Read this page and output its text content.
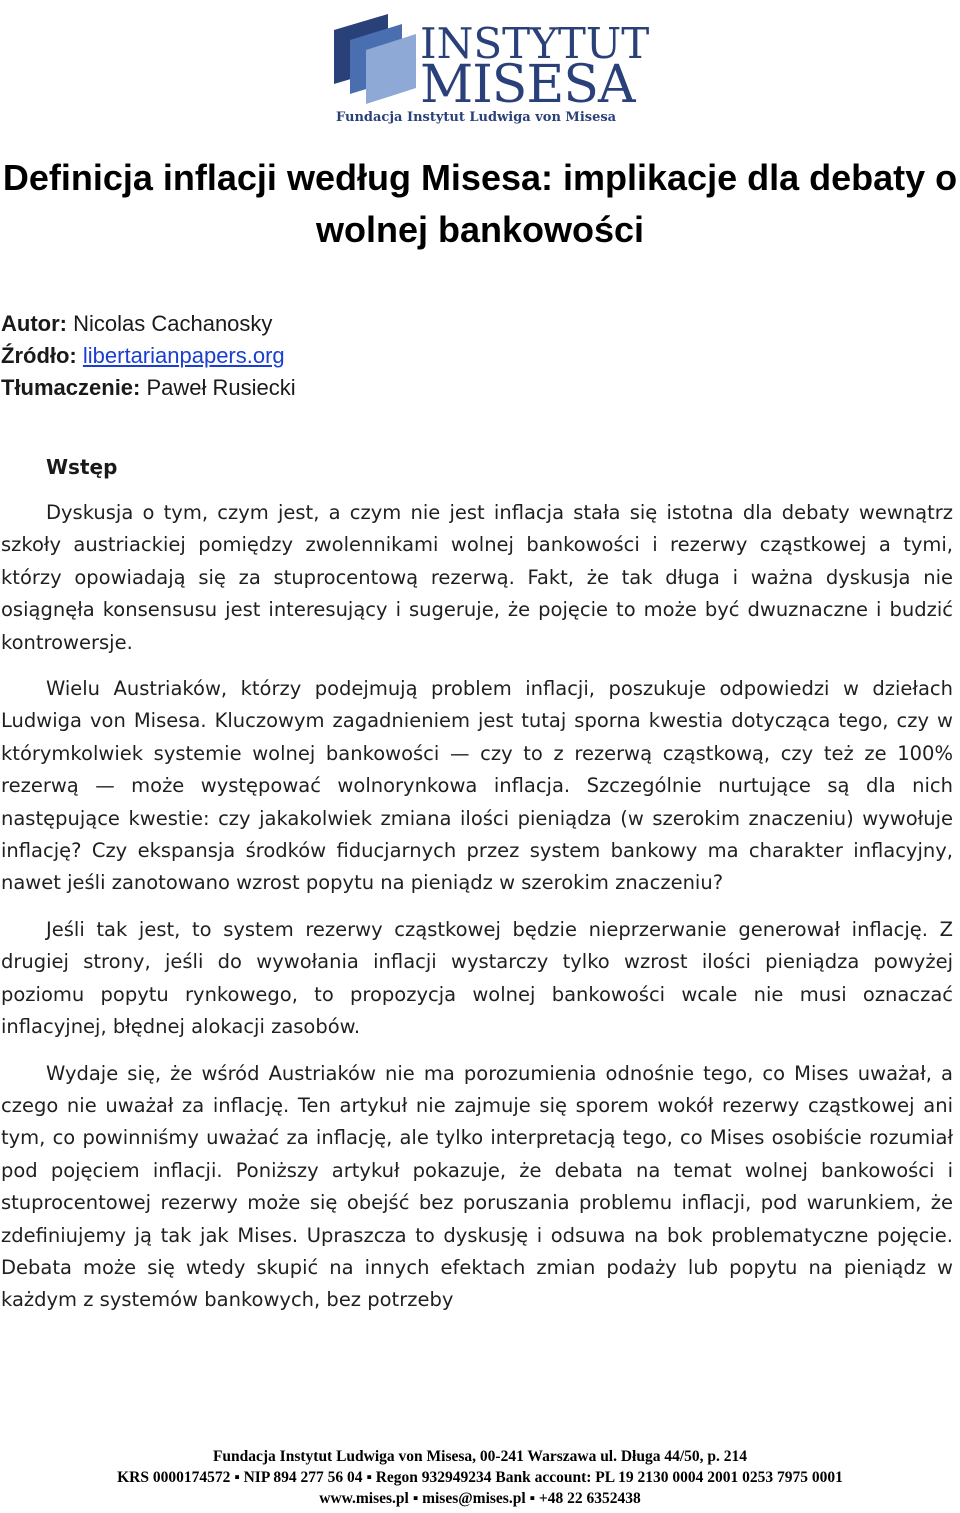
INSTYTUT
MISESA
Fundacja Instytut Ludwiga von Misesa
Definicja inflacji według Misesa: implikacje dla debaty o wolnej bankowości
Autor: Nicolas Cachanosky
Źródło: libertarianpapers.org
Tłumaczenie: Paweł Rusiecki
Wstęp

Dyskusja o tym, czym jest, a czym nie jest inflacja stała się istotna dla debaty wewnątrz szkoły austriackiej pomiędzy zwolennikami wolnej bankowości i rezerwy cząstkowej a tymi, którzy opowiadają się za stuprocentową rezerwą. Fakt, że tak długa i ważna dyskusja nie osiągnęła konsensusu jest interesujący i sugeruje, że pojęcie to może być dwuznaczne i budzić kontrowersje.

Wielu Austriaków, którzy podejmują problem inflacji, poszukuje odpowiedzi w dziełach Ludwiga von Misesa. Kluczowym zagadnieniem jest tutaj sporna kwestia dotycząca tego, czy w którymkolwiek systemie wolnej bankowości — czy to z rezerwą cząstkową, czy też ze 100% rezerwą — może występować wolnorynkowa inflacja. Szczególnie nurtujące są dla nich następujące kwestie: czy jakakolwiek zmiana ilości pieniądza (w szerokim znaczeniu) wywołuje inflację? Czy ekspansja środków fiducjarnych przez system bankowy ma charakter inflacyjny, nawet jeśli zanotowano wzrost popytu na pieniądz w szerokim znaczeniu?

Jeśli tak jest, to system rezerwy cząstkowej będzie nieprzerwanie generował inflację. Z drugiej strony, jeśli do wywołania inflacji wystarczy tylko wzrost ilości pieniądza powyżej poziomu popytu rynkowego, to propozycja wolnej bankowości wcale nie musi oznaczać inflacyjnej, błędnej alokacji zasobów.

Wydaje się, że wśród Austriaków nie ma porozumienia odnośnie tego, co Mises uważał, a czego nie uważał za inflację. Ten artykuł nie zajmuje się sporem wokół rezerwy cząstkowej ani tym, co powinniśmy uważać za inflację, ale tylko interpretacją tego, co Mises osobiście rozumiał pod pojęciem inflacji. Poniższy artykuł pokazuje, że debata na temat wolnej bankowości i stuprocentowej rezerwy może się obejść bez poruszania problemu inflacji, pod warunkiem, że zdefiniujemy ją tak jak Mises. Upraszcza to dyskusję i odsuwa na bok problematyczne pojęcie. Debata może się wtedy skupić na innych efektach zmian podaży lub popytu na pieniądz w każdym z systemów bankowych, bez potrzeby

Fundacja Instytut Ludwiga von Misesa, 00-241 Warszawa ul. Długa 44/50, p. 214
KRS 0000174572 ▪ NIP 894 277 56 04 ▪ Regon 932949234 Bank account: PL 19 2130 0004 2001 0253 7975 0001
www.mises.pl ▪ mises@mises.pl ▪ +48 22 6352438
